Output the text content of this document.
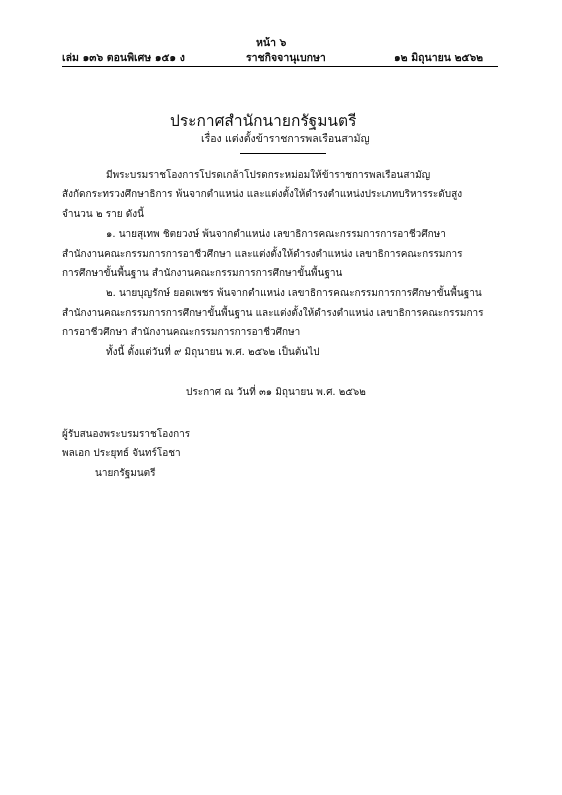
หน้า ๖
เล่ม ๑๓๖ ตอนพิเศษ ๑๕๑ ง	ราชกิจจานุเบกษา	๑๒ มิถุนายน ๒๕๖๒
ประกาศสำนักนายกรัฐมนตรี
เรื่อง แต่งตั้งข้าราชการพลเรือนสามัญ
มีพระบรมราชโองการโปรดเกล้าโปรดกระหม่อมให้ข้าราชการพลเรือนสามัญ
สังกัดกระทรวงศึกษาธิการ พ้นจากตำแหน่ง และแต่งตั้งให้ดำรงตำแหน่งประเภทบริหารระดับสูง
จำนวน ๒ ราย ดังนี้
๑. นายสุเทพ ชิตยวงษ์ พ้นจากตำแหน่ง เลขาธิการคณะกรรมการการอาชีวศึกษา
สำนักงานคณะกรรมการการอาชีวศึกษา และแต่งตั้งให้ดำรงตำแหน่ง เลขาธิการคณะกรรมการ
การศึกษาขั้นพื้นฐาน สำนักงานคณะกรรมการการศึกษาขั้นพื้นฐาน
๒. นายบุญรักษ์ ยอดเพชร พ้นจากตำแหน่ง เลขาธิการคณะกรรมการการศึกษาขั้นพื้นฐาน
สำนักงานคณะกรรมการการศึกษาขั้นพื้นฐาน และแต่งตั้งให้ดำรงตำแหน่ง เลขาธิการคณะกรรมการ
การอาชีวศึกษา สำนักงานคณะกรรมการการอาชีวศึกษา
ทั้งนี้ ตั้งแต่วันที่ ๙ มิถุนายน พ.ศ. ๒๕๖๒ เป็นต้นไป
ประกาศ ณ วันที่ ๓๑ มิถุนายน พ.ศ. ๒๕๖๒
ผู้รับสนองพระบรมราชโองการ
พลเอก ประยุทธ์ จันทร์โอชา
นายกรัฐมนตรี
